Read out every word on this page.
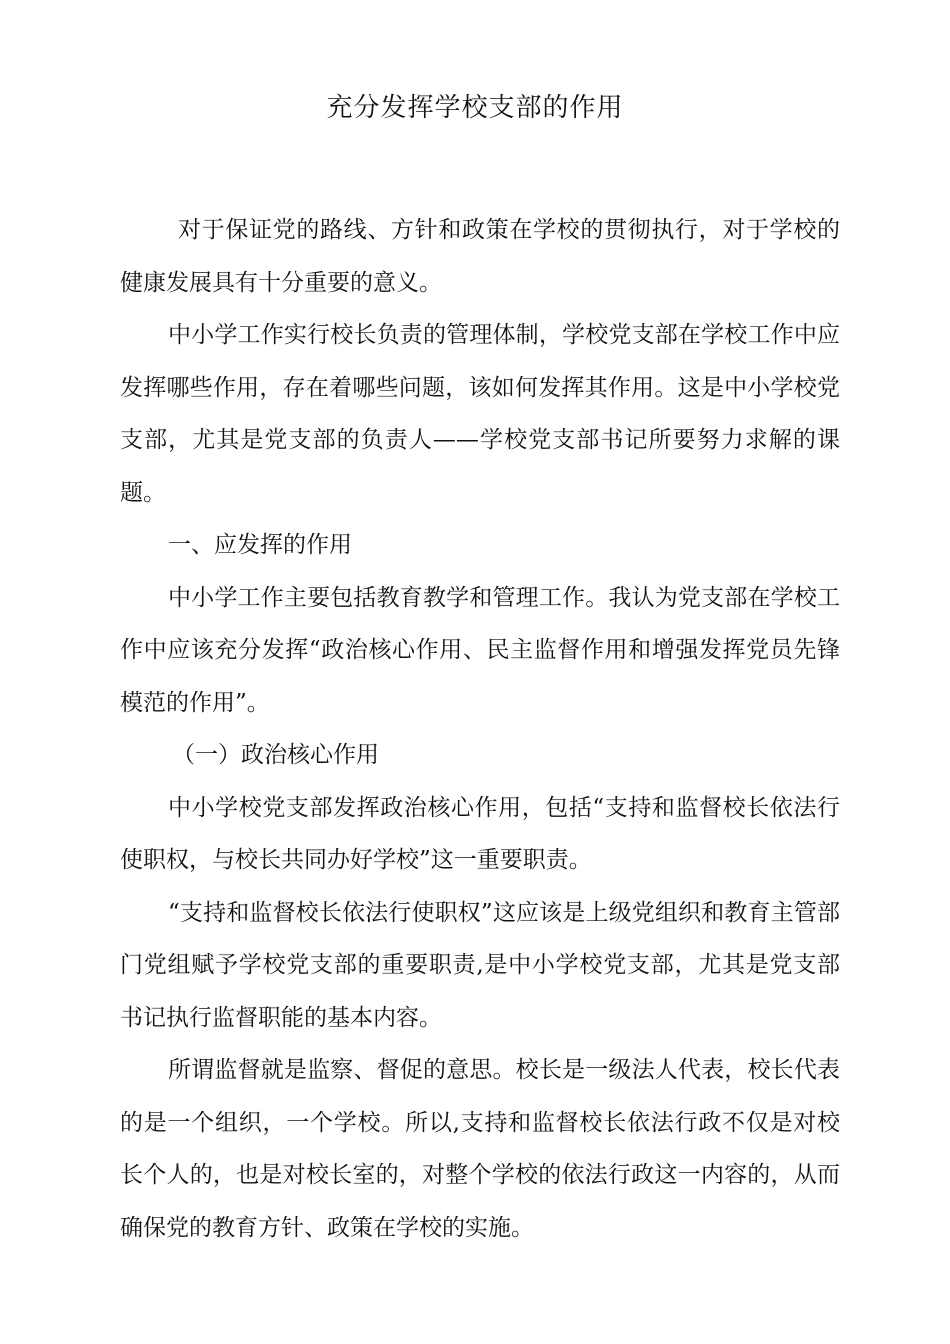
充分发挥学校支部的作用

对于保证党的路线、方针和政策在学校的贯彻执行，对于学校的健康发展具有十分重要的意义。

中小学工作实行校长负责的管理体制，学校党支部在学校工作中应发挥哪些作用，存在着哪些问题，该如何发挥其作用。这是中小学校党支部，尤其是党支部的负责人——学校党支部书记所要努力求解的课题。

一、应发挥的作用

中小学工作主要包括教育教学和管理工作。我认为党支部在学校工作中应该充分发挥“政治核心作用、民主监督作用和增强发挥党员先锋模范的作用”。

（一）政治核心作用

中小学校党支部发挥政治核心作用，包括“支持和监督校长依法行使职权，与校长共同办好学校”这一重要职责。

“支持和监督校长依法行使职权”这应该是上级党组织和教育主管部门党组赋予学校党支部的重要职责,是中小学校党支部，尤其是党支部书记执行监督职能的基本内容。

所谓监督就是监察、督促的意思。校长是一级法人代表，校长代表的是一个组织，一个学校。所以,支持和监督校长依法行政不仅是对校长个人的，也是对校长室的，对整个学校的依法行政这一内容的，从而确保党的教育方针、政策在学校的实施。
